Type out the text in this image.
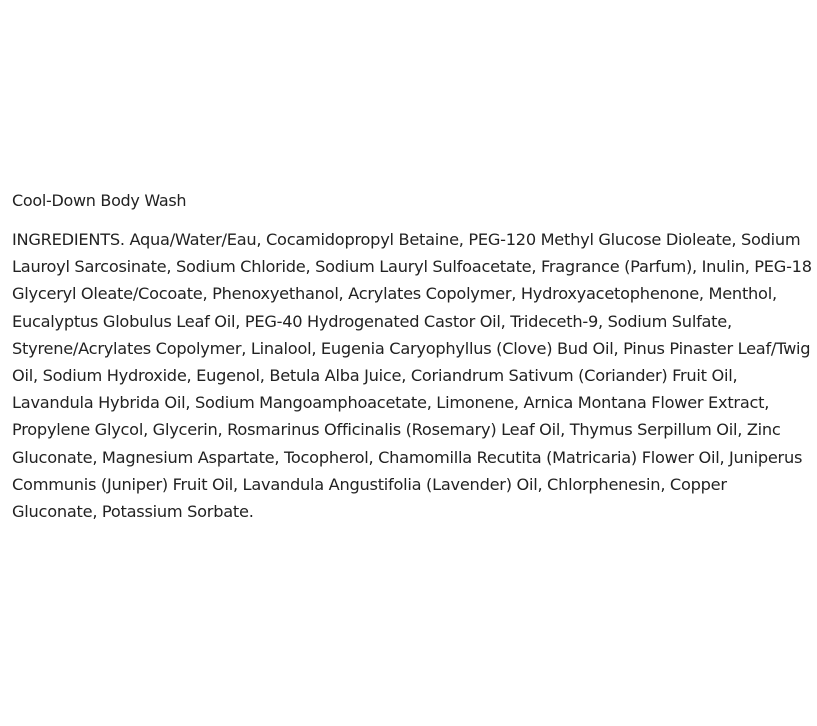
Cool-Down Body Wash

INGREDIENTS. Aqua/Water/Eau, Cocamidopropyl Betaine, PEG-120 Methyl Glucose Dioleate, Sodium Lauroyl Sarcosinate, Sodium Chloride, Sodium Lauryl Sulfoacetate, Fragrance (Parfum), Inulin, PEG-18 Glyceryl Oleate/Cocoate, Phenoxyethanol, Acrylates Copolymer, Hydroxyacetophenone, Menthol, Eucalyptus Globulus Leaf Oil, PEG-40 Hydrogenated Castor Oil, Trideceth-9, Sodium Sulfate, Styrene/Acrylates Copolymer, Linalool, Eugenia Caryophyllus (Clove) Bud Oil, Pinus Pinaster Leaf/Twig Oil, Sodium Hydroxide, Eugenol, Betula Alba Juice, Coriandrum Sativum (Coriander) Fruit Oil, Lavandula Hybrida Oil, Sodium Mangoamphoacetate, Limonene, Arnica Montana Flower Extract, Propylene Glycol, Glycerin, Rosmarinus Officinalis (Rosemary) Leaf Oil, Thymus Serpillum Oil, Zinc Gluconate, Magnesium Aspartate, Tocopherol, Chamomilla Recutita (Matricaria) Flower Oil, Juniperus Communis (Juniper) Fruit Oil, Lavandula Angustifolia (Lavender) Oil, Chlorphenesin, Copper Gluconate, Potassium Sorbate.
